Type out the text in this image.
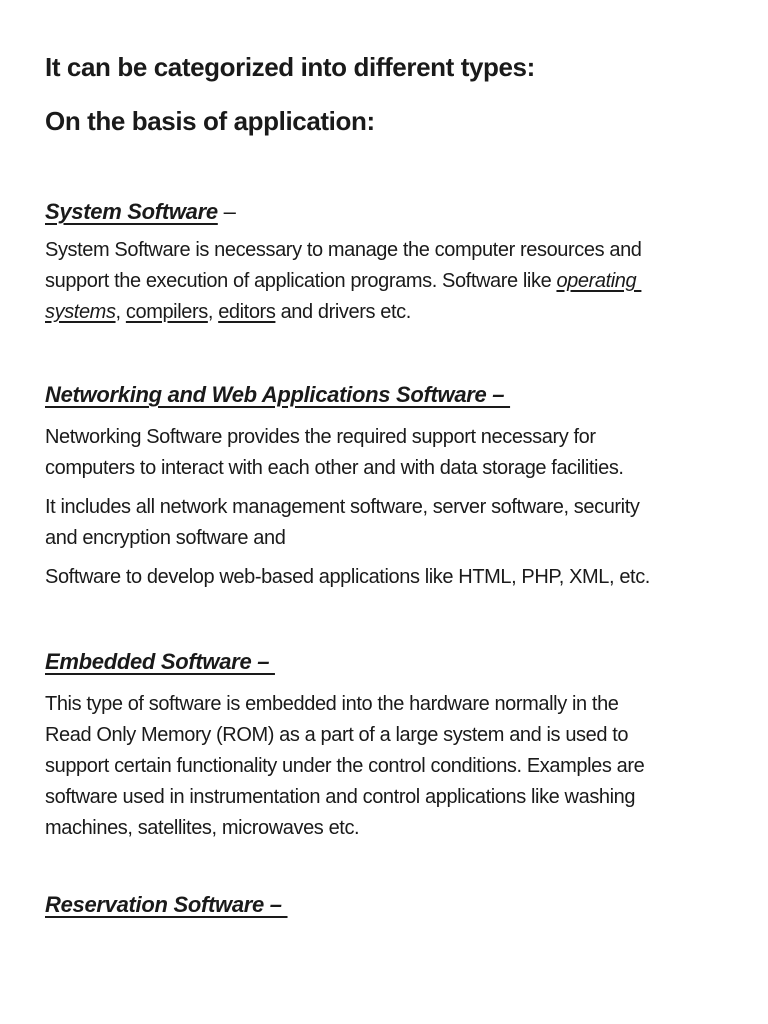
It can be categorized into different types:
On the basis of application:
System Software –
System Software is necessary to manage the computer resources and
support the execution of application programs. Software like operating
systems, compilers, editors and drivers etc.
Networking and Web Applications Software –
Networking Software provides the required support necessary for
computers to interact with each other and with data storage facilities.
It includes all network management software, server software, security
and encryption software and
Software to develop web-based applications like HTML, PHP, XML, etc.
Embedded Software –
This type of software is embedded into the hardware normally in the
Read Only Memory (ROM) as a part of a large system and is used to
support certain functionality under the control conditions. Examples are
software used in instrumentation and control applications like washing
machines, satellites, microwaves etc.
Reservation Software –
